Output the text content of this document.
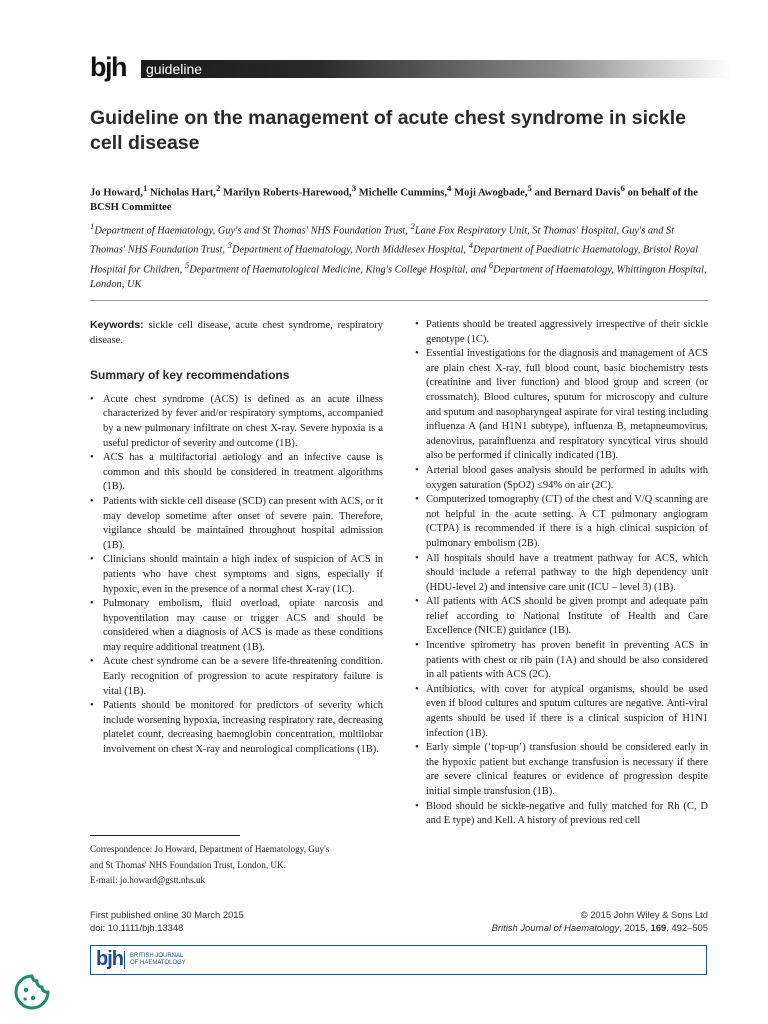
bjh guideline
Guideline on the management of acute chest syndrome in sickle cell disease
Jo Howard,$^1$ Nicholas Hart,$^2$ Marilyn Roberts-Harewood,$^3$ Michelle Cummins,$^4$ Moji Awogbade,$^5$ and Bernard Davis$^6$ on behalf of the BCSH Committee
$^1$Department of Haematology, Guy's and St Thomas' NHS Foundation Trust, $^2$Lane Fox Respiratory Unit, St Thomas' Hospital, Guy's and St Thomas' NHS Foundation Trust, $^3$Department of Haematology, North Middlesex Hospital, $^4$Department of Paediatric Haematology, Bristol Royal Hospital for Children, $^5$Department of Haematological Medicine, King's College Hospital, and $^6$Department of Haematology, Whittington Hospital, London, UK

Keywords: sickle cell disease, acute chest syndrome, respiratory disease.

Summary of key recommendations
• Acute chest syndrome (ACS) is defined as an acute illness characterized by fever and/or respiratory symptoms, accompanied by a new pulmonary infiltrate on chest X-ray. Severe hypoxia is a useful predictor of severity and outcome (1B).
• ACS has a multifactorial aetiology and an infective cause is common and this should be considered in treatment algorithms (1B).
• Patients with sickle cell disease (SCD) can present with ACS, or it may develop sometime after onset of severe pain. Therefore, vigilance should be maintained throughout hospital admission (1B).
• Clinicians should maintain a high index of suspicion of ACS in patients who have chest symptoms and signs, especially if hypoxic, even in the presence of a normal chest X-ray (1C).
• Pulmonary embolism, fluid overload, opiate narcosis and hypoventilation may cause or trigger ACS and should be considered when a diagnosis of ACS is made as these conditions may require additional treatment (1B).
• Acute chest syndrome can be a severe life-threatening condition. Early recognition of progression to acute respiratory failure is vital (1B).
• Patients should be monitored for predictors of severity which include worsening hypoxia, increasing respiratory rate, decreasing platelet count, decreasing haemoglobin concentration, multilobar involvement on chest X-ray and neurological complications (1B).
• Patients should be treated aggressively irrespective of their sickle genotype (1C).
• Essential investigations for the diagnosis and management of ACS are plain chest X-ray, full blood count, basic biochemistry tests (creatinine and liver function) and blood group and screen (or crossmatch). Blood cultures, sputum for microscopy and culture and sputum and nasopharyngeal aspirate for viral testing including influenza A (and H1N1 subtype), influenza B, metapneumovirus, adenovirus, parainfluenza and respiratory syncytical virus should also be performed if clinically indicated (1B).
• Arterial blood gases analysis should be performed in adults with oxygen saturation (SpO2) ≤94% on air (2C).
• Computerized tomography (CT) of the chest and V/Q scanning are not helpful in the acute setting. A CT pulmonary angiogram (CTPA) is recommended if there is a high clinical suspicion of pulmonary embolism (2B).
• All hospitals should have a treatment pathway for ACS, which should include a referral pathway to the high dependency unit (HDU-level 2) and intensive care unit (ICU – level 3) (1B).
• All patients with ACS should be given prompt and adequate pain relief according to National Institute of Health and Care Excellence (NICE) guidance (1B).
• Incentive spirometry has proven benefit in preventing ACS in patients with chest or rib pain (1A) and should be also considered in all patients with ACS (2C).
• Antibiotics, with cover for atypical organisms, should be used even if blood cultures and sputum cultures are negative. Anti-viral agents should be used if there is a clinical suspicion of H1N1 infection (1B).
• Early simple (‘top-up’) transfusion should be considered early in the hypoxic patient but exchange transfusion is necessary if there are severe clinical features or evidence of progression despite initial simple transfusion (1B).
• Blood should be sickle-negative and fully matched for Rh (C, D and E type) and Kell. A history of previous red cell
Correspondence: Jo Howard, Department of Haematology, Guy's
and St Thomas' NHS Foundation Trust, London, UK.
E-mail: jo.howard@gstt.nhs.uk
First published online 30 March 2015
doi: 10.1111/bjh.13348
© 2015 John Wiley & Sons Ltd
British Journal of Haematology, 2015, 169, 492–505
bjh BRITISH JOURNAL
OF HAEMATOLOGY
